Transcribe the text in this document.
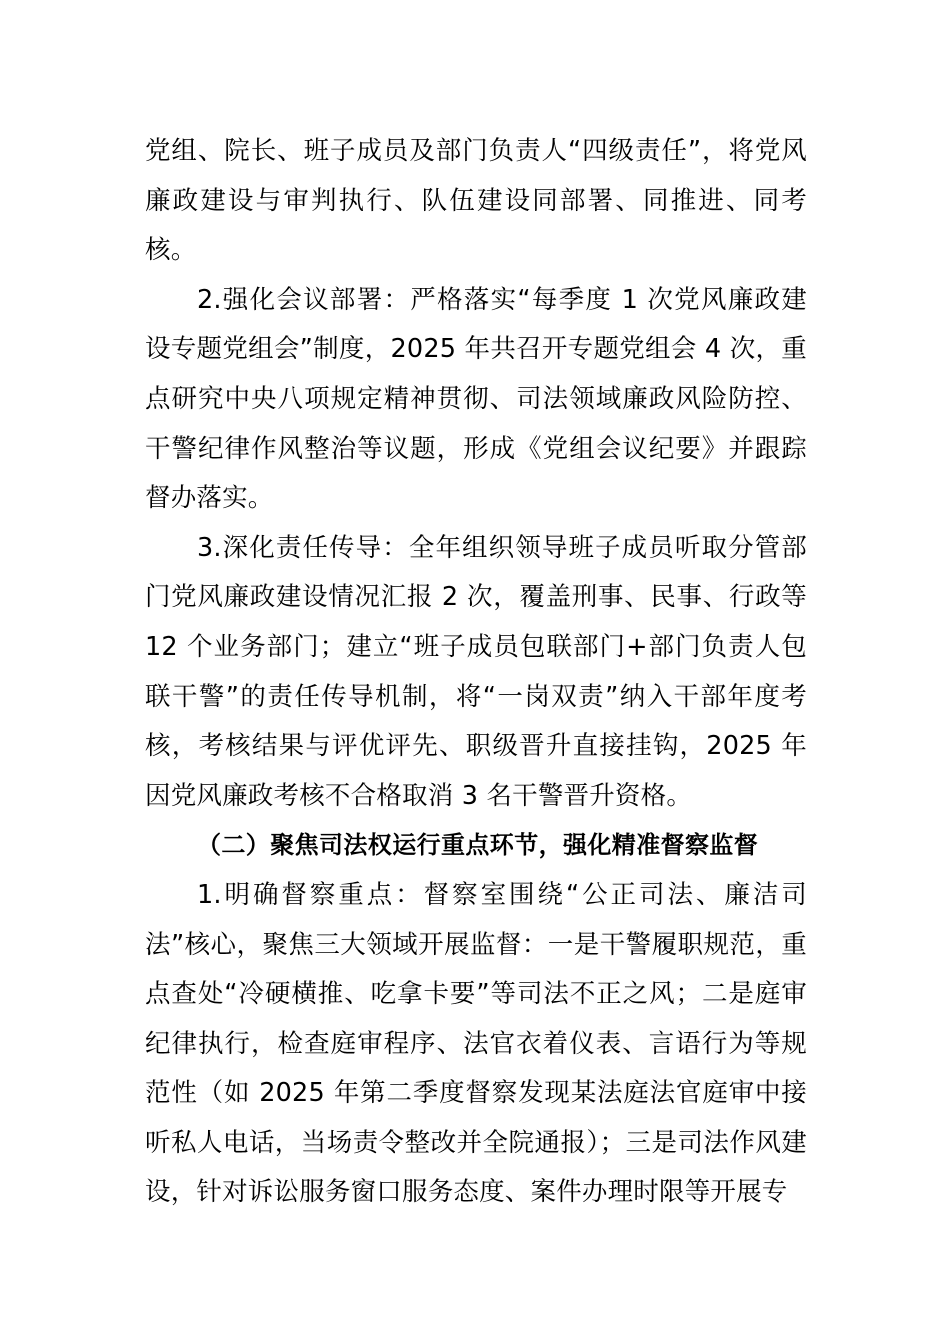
党组、院长、班子成员及部门负责人“四级责任”，将党风廉政建设与审判执行、队伍建设同部署、同推进、同考核。

2.强化会议部署：严格落实“每季度 1 次党风廉政建设专题党组会”制度，2025 年共召开专题党组会 4 次，重点研究中央八项规定精神贯彻、司法领域廉政风险防控、干警纪律作风整治等议题，形成《党组会议纪要》并跟踪督办落实。

3.深化责任传导：全年组织领导班子成员听取分管部门党风廉政建设情况汇报 2 次，覆盖刑事、民事、行政等 12 个业务部门；建立“班子成员包联部门+部门负责人包联干警”的责任传导机制，将“一岗双责”纳入干部年度考核，考核结果与评优评先、职级晋升直接挂钩，2025 年因党风廉政考核不合格取消 3 名干警晋升资格。

（二）聚焦司法权运行重点环节，强化精准督察监督

1.明确督察重点：督察室围绕“公正司法、廉洁司法”核心，聚焦三大领域开展监督：一是干警履职规范，重点查处“冷硬横推、吃拿卡要”等司法不正之风；二是庭审纪律执行，检查庭审程序、法官衣着仪表、言语行为等规范性（如 2025 年第二季度督察发现某法庭法官庭审中接听私人电话，当场责令整改并全院通报）；三是司法作风建设，针对诉讼服务窗口服务态度、案件办理时限等开展专
